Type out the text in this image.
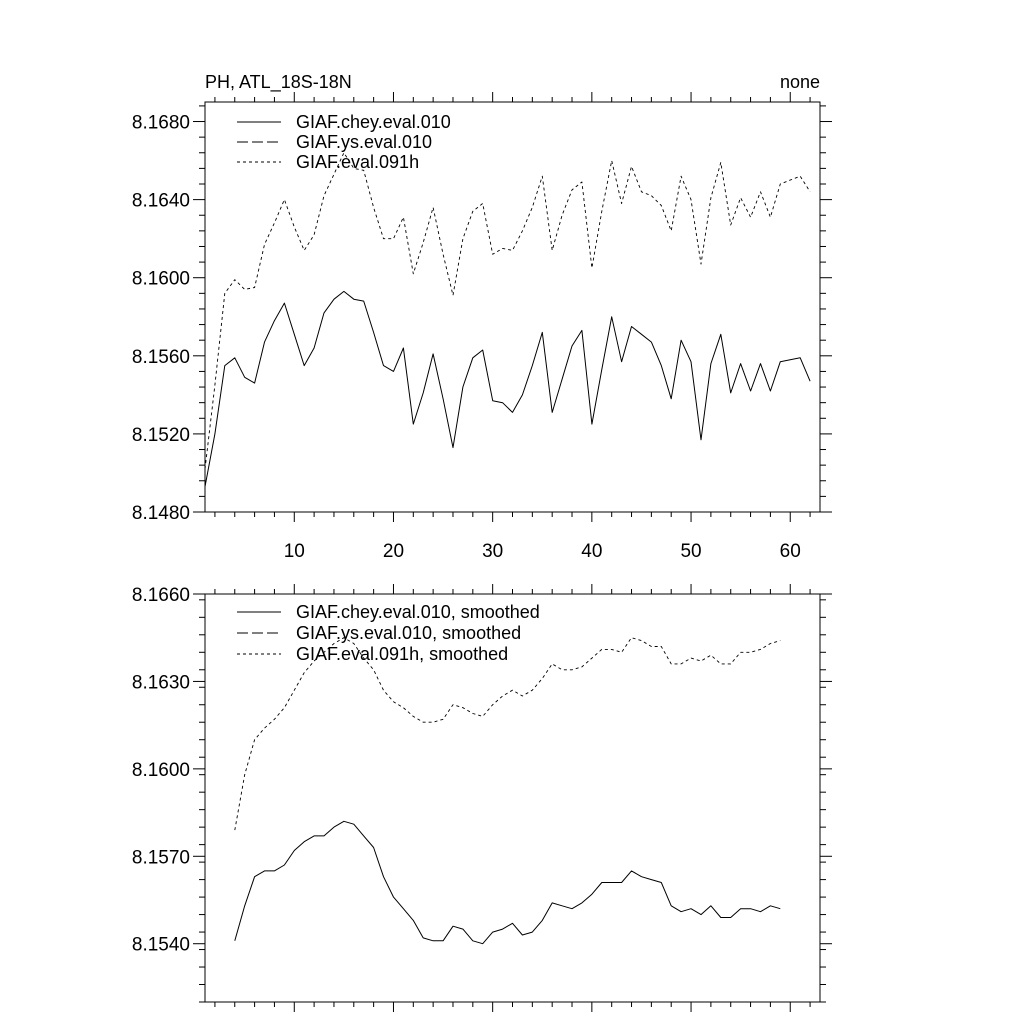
PH, ATL_18S-18N	none
10	20	30	40	50	60
8.1480
8.1520
8.1560
8.1600
8.1640
8.1680	GIAF.chey.eval.010
GIAF.ys.eval.010
GIAF.eval.091h
8.1540
8.1570
8.1600
8.1630
8.1660
GIAF.chey.eval.010, smoothed
GIAF.ys.eval.010, smoothed
GIAF.eval.091h, smoothed
